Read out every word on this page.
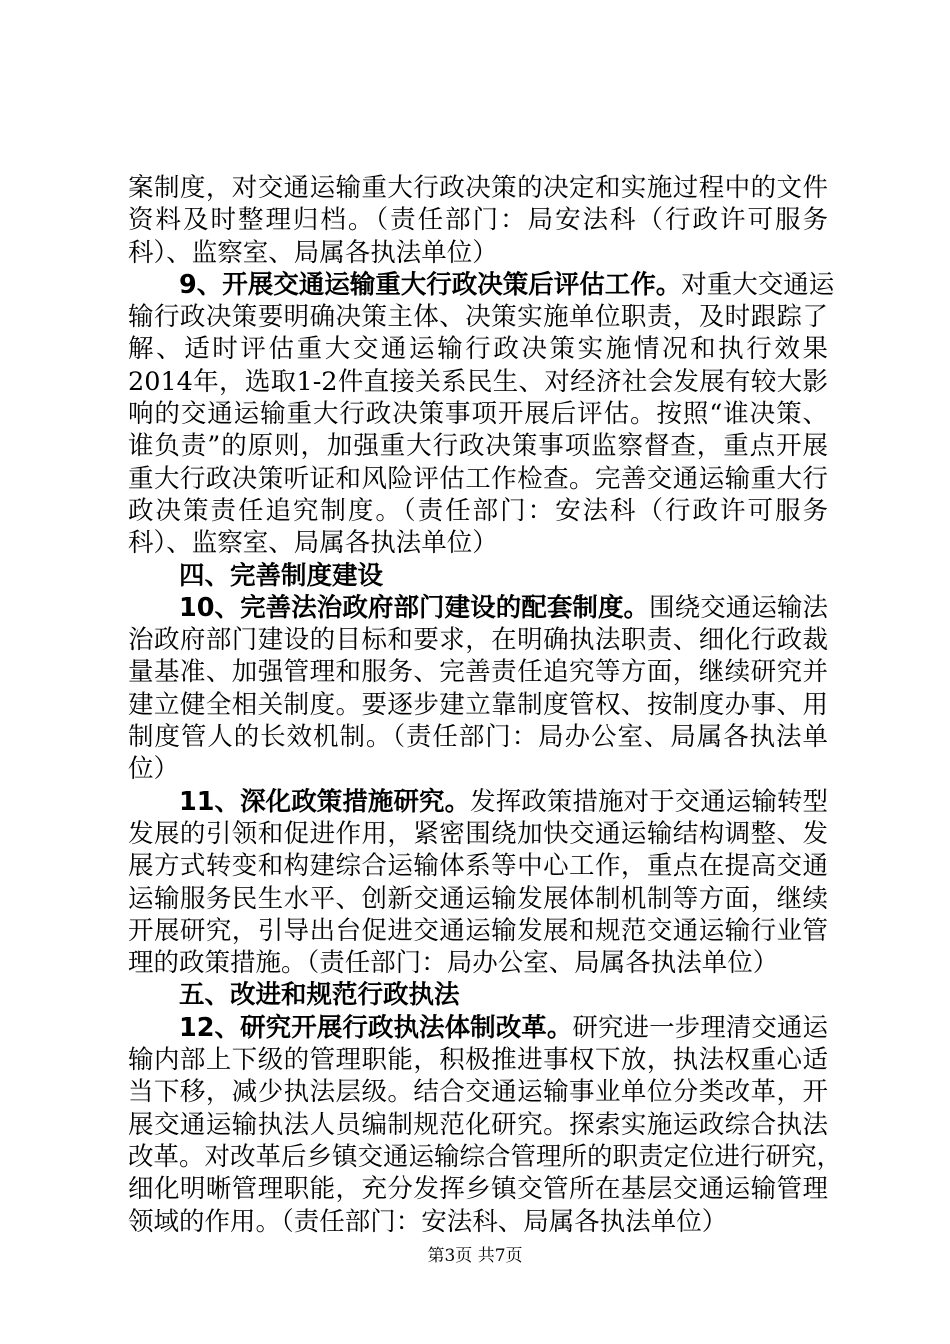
案制度，对交通运输重大行政决策的决定和实施过程中的文件
资料及时整理归档。（责任部门：局安法科（行政许可服务
科）、监察室、局属各执法单位）
9、开展交通运输重大行政决策后评估工作。对重大交通运
输行政决策要明确决策主体、决策实施单位职责，及时跟踪了
解、适时评估重大交通运输行政决策实施情况和执行效果
2014年，选取1-2件直接关系民生、对经济社会发展有较大影
响的交通运输重大行政决策事项开展后评估。按照“谁决策、
谁负责”的原则，加强重大行政决策事项监察督查，重点开展
重大行政决策听证和风险评估工作检查。完善交通运输重大行
政决策责任追究制度。（责任部门：安法科（行政许可服务
科）、监察室、局属各执法单位）
四、完善制度建设
10、完善法治政府部门建设的配套制度。围绕交通运输法
治政府部门建设的目标和要求，在明确执法职责、细化行政裁
量基准、加强管理和服务、完善责任追究等方面，继续研究并
建立健全相关制度。要逐步建立靠制度管权、按制度办事、用
制度管人的长效机制。（责任部门：局办公室、局属各执法单
位）
11、深化政策措施研究。发挥政策措施对于交通运输转型
发展的引领和促进作用，紧密围绕加快交通运输结构调整、发
展方式转变和构建综合运输体系等中心工作，重点在提高交通
运输服务民生水平、创新交通运输发展体制机制等方面，继续
开展研究，引导出台促进交通运输发展和规范交通运输行业管
理的政策措施。（责任部门：局办公室、局属各执法单位）
五、改进和规范行政执法
12、研究开展行政执法体制改革。研究进一步理清交通运
输内部上下级的管理职能，积极推进事权下放，执法权重心适
当下移，减少执法层级。结合交通运输事业单位分类改革，开
展交通运输执法人员编制规范化研究。探索实施运政综合执法
改革。对改革后乡镇交通运输综合管理所的职责定位进行研究，
细化明晰管理职能，充分发挥乡镇交管所在基层交通运输管理
领域的作用。（责任部门：安法科、局属各执法单位）
第3页 共7页
